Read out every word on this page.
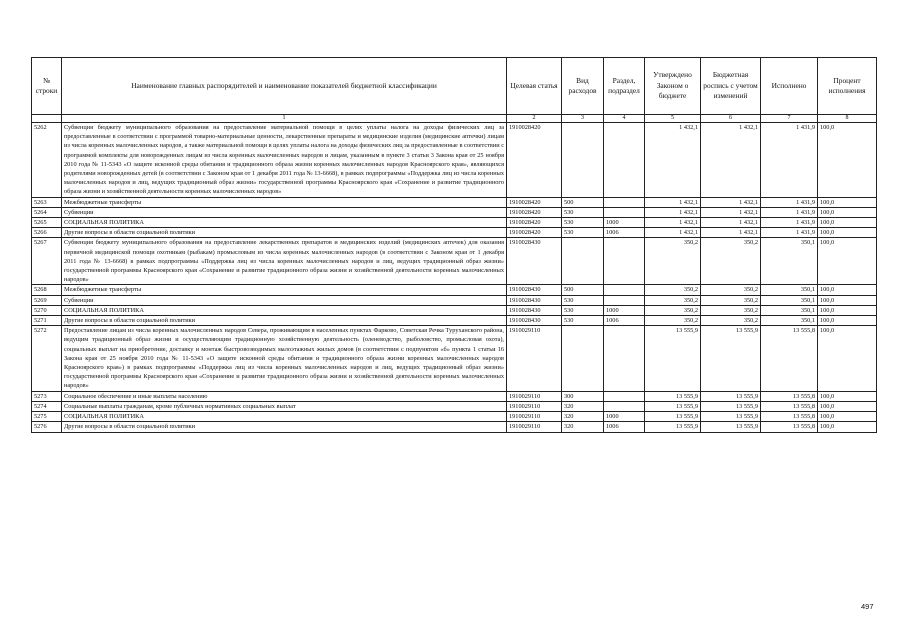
№ строки	Наименование главных распорядителей и наименование показателей бюджетной классификации	Целевая статья	Вид расходов	Раздел, подраздел	Утверждено Законом о бюджете	Бюджетная роспись с учетом изменений	Исполнено	Процент исполнения
	1	2	3	4	5	6	7	8
5262	Субвенция бюджету муниципального образования на предоставление материальной помощи в целях уплаты налога на доходы физических лиц за предоставленные в соответствии с программой товарно-материальные ценности, лекарственные препараты и медицинские изделия (медицинские аптечки) лицам из числа коренных малочисленных народов, а также материальной помощи в целях уплаты налога на доходы физических лиц за предоставленные в соответствии с программой комплекты для новорожденных лицам из числа коренных малочисленных народов и лицам, указанным в пункте 3 статьи 3 Закона края от 25 ноября 2010 года № 11-5343 «О защите исконной среды обитания и традиционного образа жизни коренных малочисленных народов Красноярского края», являющихся родителями новорожденных детей (в соответствии с Законом края от 1 декабря 2011 года № 13-6668), в рамках подпрограммы «Поддержка лиц из числа коренных малочисленных народов и лиц, ведущих традиционный образ жизни» государственной программы Красноярского края «Сохранение и развитие традиционного образа жизни и хозяйственной деятельности коренных малочисленных народов»	1910028420			1 432,1	1 432,1	1 431,9	100,0
5263	Межбюджетные трансферты	1910028420	500		1 432,1	1 432,1	1 431,9	100,0
5264	Субвенции	1910028420	530		1 432,1	1 432,1	1 431,9	100,0
5265	СОЦИАЛЬНАЯ ПОЛИТИКА	1910028420	530	1000	1 432,1	1 432,1	1 431,9	100,0
5266	Другие вопросы в области социальной политики	1910028420	530	1006	1 432,1	1 432,1	1 431,9	100,0
5267	Субвенция бюджету муниципального образования на предоставление лекарственных препаратов и медицинских изделий (медицинских аптечек) для оказания первичной медицинской помощи охотникам (рыбакам) промысловым из числа коренных малочисленных народов (в соответствии с Законом края от 1 декабря 2011 года № 13-6668) в рамках подпрограммы «Поддержка лиц из числа коренных малочисленных народов и лиц, ведущих традиционный образ жизни» государственной программы Красноярского края «Сохранение и развитие традиционного образа жизни и хозяйственной деятельности коренных малочисленных народов»	1910028430			350,2	350,2	350,1	100,0
5268	Межбюджетные трансферты	1910028430	500		350,2	350,2	350,1	100,0
5269	Субвенции	1910028430	530		350,2	350,2	350,1	100,0
5270	СОЦИАЛЬНАЯ ПОЛИТИКА	1910028430	530	1000	350,2	350,2	350,1	100,0
5271	Другие вопросы в области социальной политики	1910028430	530	1006	350,2	350,2	350,1	100,0
5272	Предоставление лицам из числа коренных малочисленных народов Севера, проживающим в населенных пунктах Фарково, Советская Речка Туруханского района, ведущим традиционный образ жизни и осуществляющим традиционную хозяйственную деятельность (оленеводство, рыболовство, промысловая охота), социальных выплат на приобретение, доставку и монтаж быстровозводимых малоэтажных жилых домов (в соответствии с подпунктом «б» пункта 1 статьи 16 Закона края от 25 ноября 2010 года № 11-5343 «О защите исконной среды обитания и традиционного образа жизни коренных малочисленных народов Красноярского края») в рамках подпрограммы «Поддержка лиц из числа коренных малочисленных народов и лиц, ведущих традиционный образ жизни» государственной программы Красноярского края «Сохранение и развитие традиционного образа жизни и хозяйственной деятельности коренных малочисленных народов»	1910029110			13 555,9	13 555,9	13 555,8	100,0
5273	Социальное обеспечение и иные выплаты населению	1910029110	300		13 555,9	13 555,9	13 555,8	100,0
5274	Социальные выплаты гражданам, кроме публичных нормативных социальных выплат	1910029110	320		13 555,9	13 555,9	13 555,8	100,0
5275	СОЦИАЛЬНАЯ ПОЛИТИКА	1910029110	320	1000	13 555,9	13 555,9	13 555,8	100,0
5276	Другие вопросы в области социальной политики	1910029110	320	1006	13 555,9	13 555,9	13 555,8	100,0
497
